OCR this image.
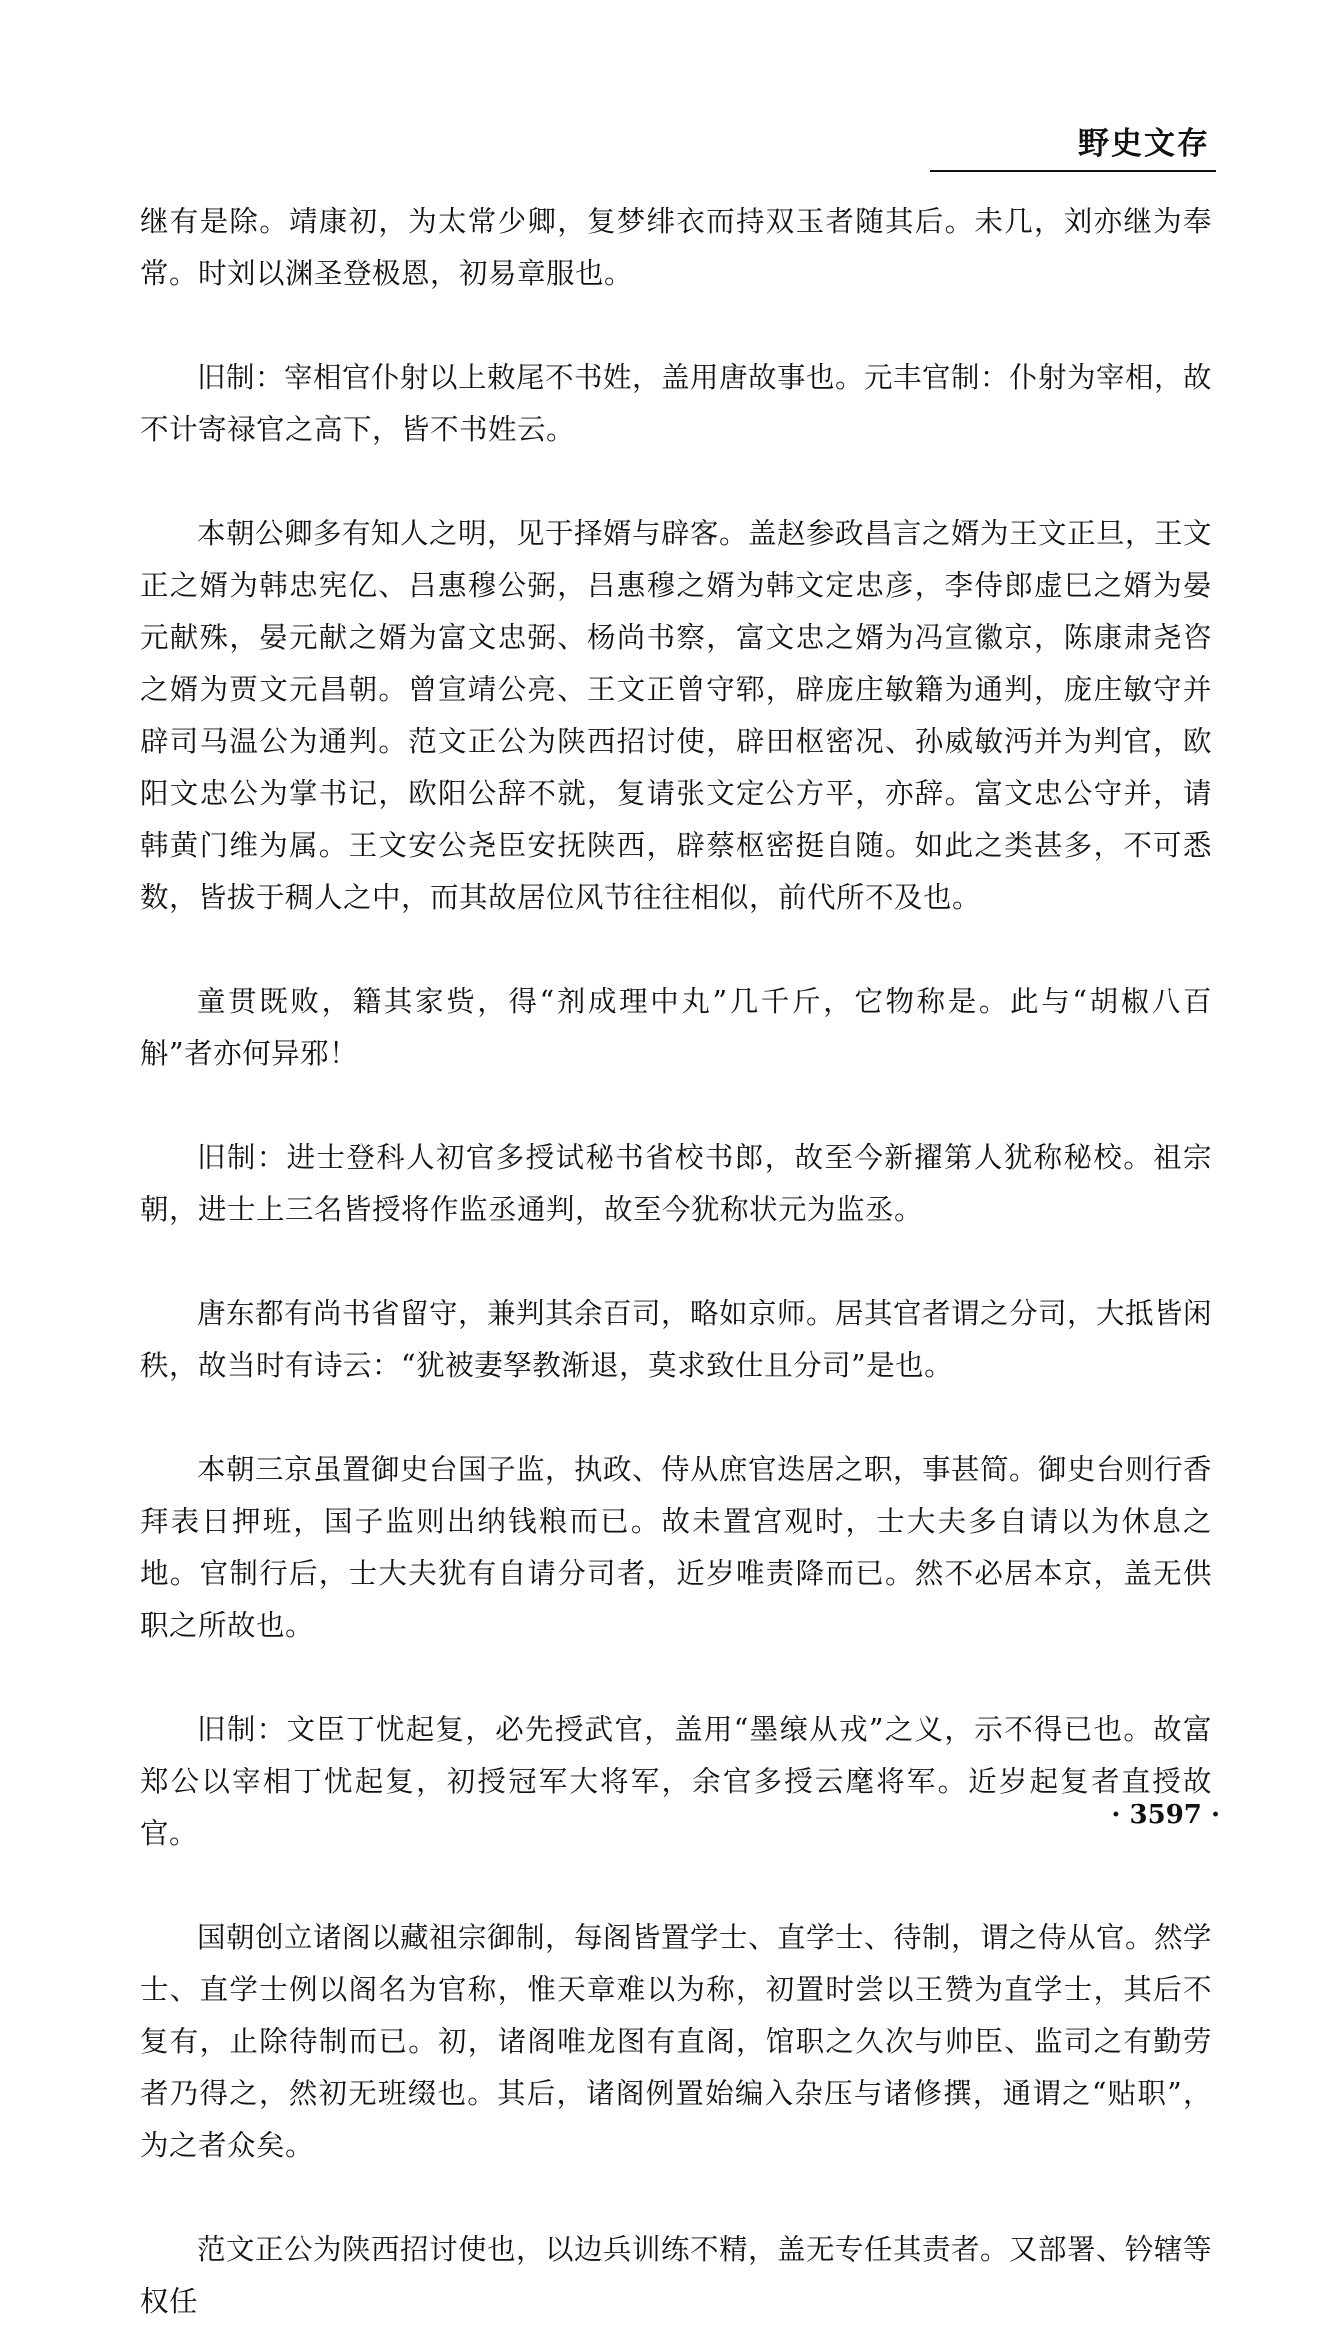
野史文存

继有是除。靖康初，为太常少卿，复梦绯衣而持双玉者随其后。未几，刘亦继为奉常。时刘以渊圣登极恩，初易章服也。

旧制：宰相官仆射以上敕尾不书姓，盖用唐故事也。元丰官制：仆射为宰相，故不计寄禄官之高下，皆不书姓云。

本朝公卿多有知人之明，见于择婿与辟客。盖赵参政昌言之婿为王文正旦，王文正之婿为韩忠宪亿、吕惠穆公弼，吕惠穆之婿为韩文定忠彦，李侍郎虚巳之婿为晏元献殊，晏元献之婿为富文忠弼、杨尚书察，富文忠之婿为冯宣徽京，陈康肃尧咨之婿为贾文元昌朝。曾宣靖公亮、王文正曾守郓，辟庞庄敏籍为通判，庞庄敏守并辟司马温公为通判。范文正公为陕西招讨使，辟田枢密况、孙威敏沔并为判官，欧阳文忠公为掌书记，欧阳公辞不就，复请张文定公方平，亦辞。富文忠公守并，请韩黄门维为属。王文安公尧臣安抚陕西，辟蔡枢密挺自随。如此之类甚多，不可悉数，皆拔于稠人之中，而其故居位风节往往相似，前代所不及也。

童贯既败，籍其家赀，得“剂成理中丸”几千斤，它物称是。此与“胡椒八百斛”者亦何异邪！

旧制：进士登科人初官多授试秘书省校书郎，故至今新擢第人犹称秘校。祖宗朝，进士上三名皆授将作监丞通判，故至今犹称状元为监丞。

唐东都有尚书省留守，兼判其余百司，略如京师。居其官者谓之分司，大抵皆闲秩，故当时有诗云：“犹被妻孥教渐退，莫求致仕且分司”是也。

本朝三京虽置御史台国子监，执政、侍从庶官迭居之职，事甚简。御史台则行香拜表日押班，国子监则出纳钱粮而已。故未置宫观时，士大夫多自请以为休息之地。官制行后，士大夫犹有自请分司者，近岁唯责降而已。然不必居本京，盖无供职之所故也。

旧制：文臣丁忧起复，必先授武官，盖用“墨缞从戎”之义，示不得已也。故富郑公以宰相丁忧起复，初授冠军大将军，余官多授云麾将军。近岁起复者直授故官。

国朝创立诸阁以藏祖宗御制，每阁皆置学士、直学士、待制，谓之侍从官。然学士、直学士例以阁名为官称，惟天章难以为称，初置时尝以王赞为直学士，其后不复有，止除待制而已。初，诸阁唯龙图有直阁，馆职之久次与帅臣、监司之有勤劳者乃得之，然初无班缀也。其后，诸阁例置始编入杂压与诸修撰，通谓之“贴职”，为之者众矣。

范文正公为陕西招讨使也，以边兵训练不精，盖无专任其责者。又部署、钤辖等权任

· 3597 ·
